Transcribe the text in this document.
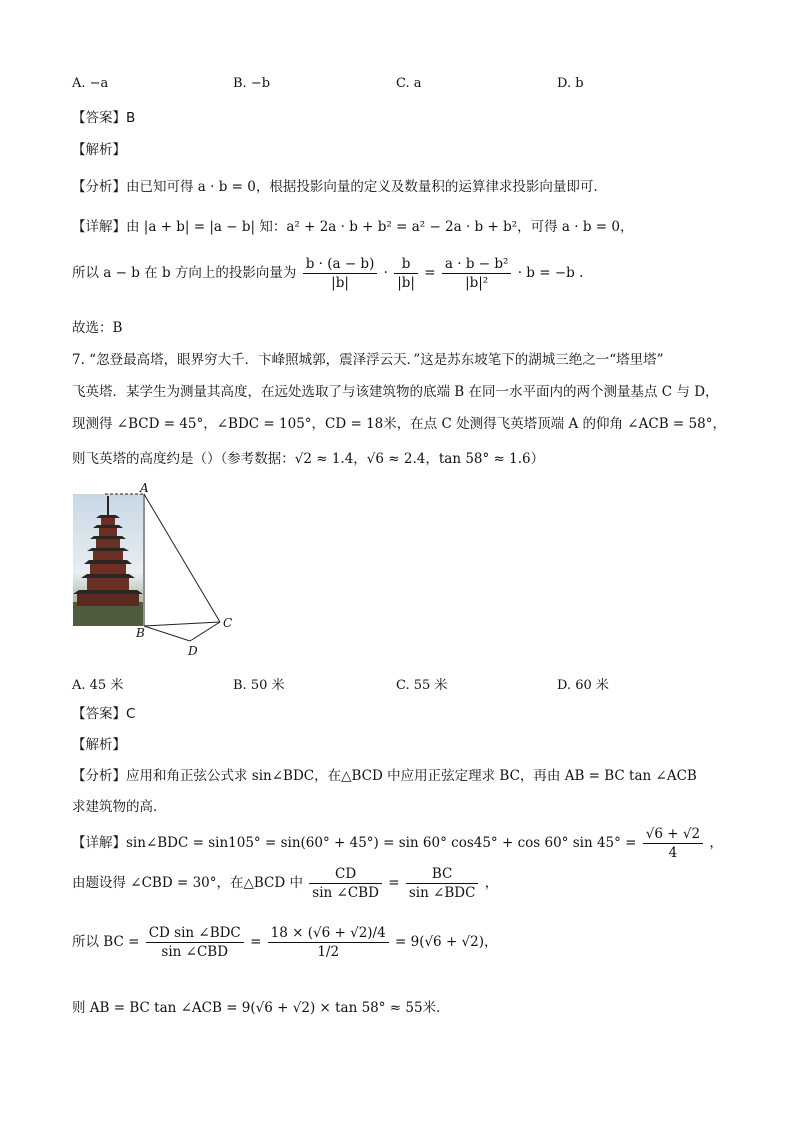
A. −a	B. −b	C. a	D. b
【答案】B
【解析】
【分析】由已知可得 a · b = 0，根据投影向量的定义及数量积的运算律求投影向量即可.
【详解】由 |a + b| = |a − b| 知：a² + 2a · b + b² = a² − 2a · b + b²，可得 a · b = 0，
所以 a − b 在 b 方向上的投影向量为 $\frac{b \cdot (a - b)}{|b|} \cdot \frac{b}{|b|} = \frac{\text{a · b − b²}}{\text{|b|²}} \cdot b = -b$ .
故选：B
7. “忽登最高塔，眼界穷大千．卞峰照城郭，震泽浮云天．”这是苏东坡笔下的湖城三绝之一“塔里塔”
飞英塔．某学生为测量其高度，在远处选取了与该建筑物的底端 B 在同一水平面内的两个测量基点 C 与 D，
现测得 ∠BCD = 45°，∠BDC = 105°，CD = 18米，在点 C 处测得飞英塔顶端 A 的仰角 ∠ACB = 58°，
则飞英塔的高度约是（）（参考数据：√2 ≈ 1.4，√6 ≈ 2.4，tan 58° ≈ 1.6）
A
B
C
D
A. 45 米	B. 50 米	C. 55 米	D. 60 米
【答案】C
【解析】
【分析】应用和角正弦公式求 sin∠BDC，在△BCD 中应用正弦定理求 BC，再由 AB = BC tan ∠ACB
求建筑物的高．
【详解】sin∠BDC = sin105° = sin(60° + 45°) = sin 60° cos45° + cos 60° $\sin 45^\circ = \frac{√6 + √2}{4}$ ，
由题设得 ∠CBD = 30°，在△BCD 中 $\frac{CD}{\text{sin ∠CBD}} = \frac{BC}{\text{sin ∠BDC}}$ ，
所以 BC = $\frac{\text{CD sin ∠BDC}}{\text{sin ∠CBD}} = \frac{18 \times (√6 + √2)/4}{1/2} = 9(√6 + √2)$，
则 AB = BC tan ∠ACB = 9(√6 + √2) × tan 58° ≈ 55米．
